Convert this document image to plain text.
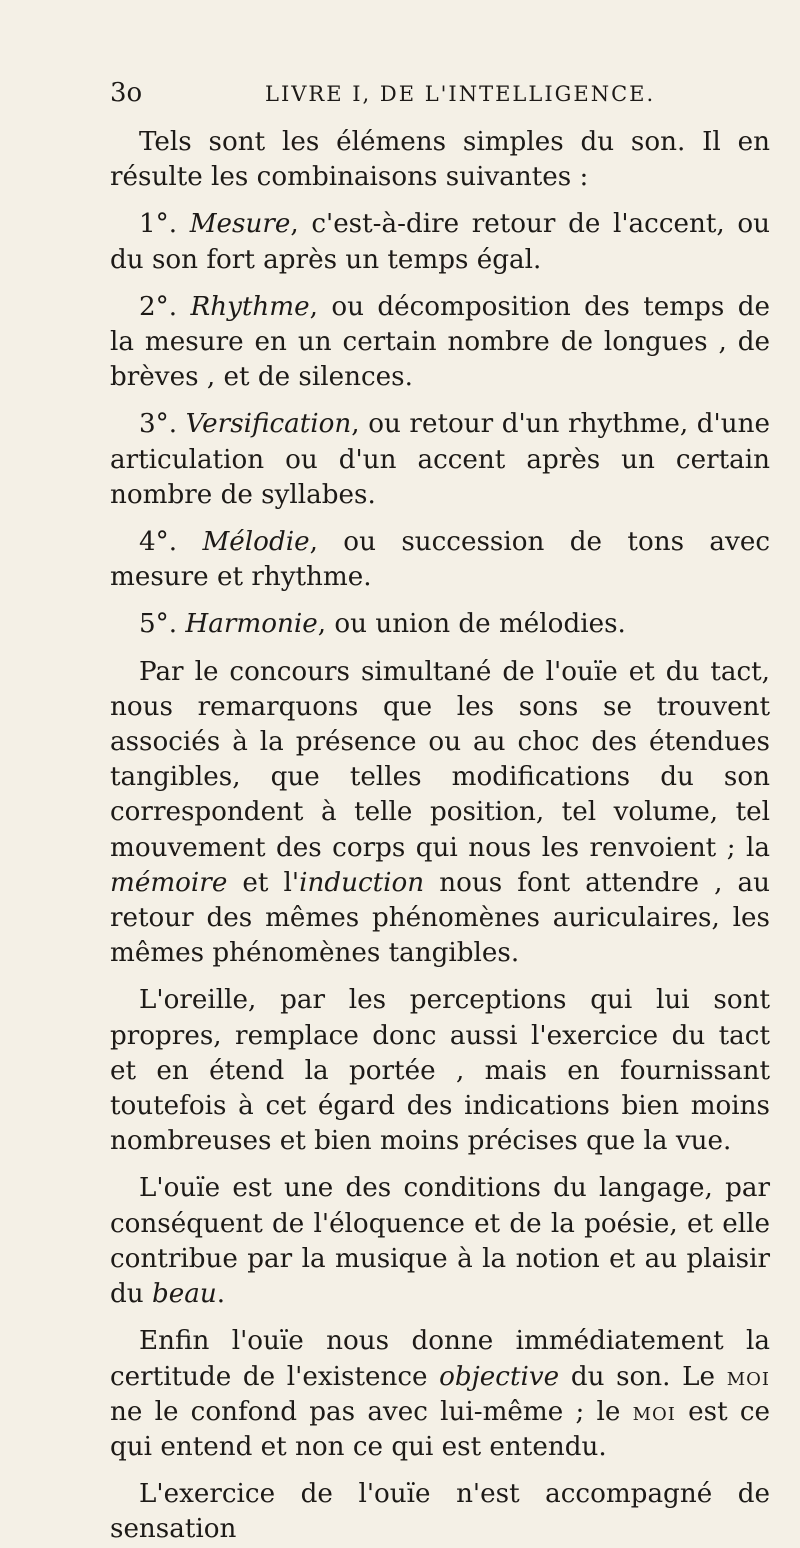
3o	LIVRE I, DE L'INTELLIGENCE.

Tels sont les élémens simples du son. Il en résulte les combinaisons suivantes :

1°. Mesure, c'est-à-dire retour de l'accent, ou du son fort après un temps égal.

2°. Rhythme, ou décomposition des temps de la mesure en un certain nombre de longues , de brèves , et de silences.

3°. Versification, ou retour d'un rhythme, d'une articulation ou d'un accent après un certain nombre de syllabes.

4°. Mélodie, ou succession de tons avec mesure et rhythme.

5°. Harmonie, ou union de mélodies.

Par le concours simultané de l'ouïe et du tact, nous remarquons que les sons se trouvent associés à la présence ou au choc des étendues tangibles, que telles modifications du son correspondent à telle position, tel volume, tel mouvement des corps qui nous les renvoient ; la mémoire et l'induction nous font attendre , au retour des mêmes phénomènes auriculaires, les mêmes phénomènes tangibles.

L'oreille, par les perceptions qui lui sont propres, remplace donc aussi l'exercice du tact et en étend la portée , mais en fournissant toutefois à cet égard des indications bien moins nombreuses et bien moins précises que la vue.

L'ouïe est une des conditions du langage, par conséquent de l'éloquence et de la poésie, et elle contribue par la musique à la notion et au plaisir du beau.

Enfin l'ouïe nous donne immédiatement la certitude de l'existence objective du son. Le moi ne le confond pas avec lui-même ; le moi est ce qui entend et non ce qui est entendu.

L'exercice de l'ouïe n'est accompagné de sensation
